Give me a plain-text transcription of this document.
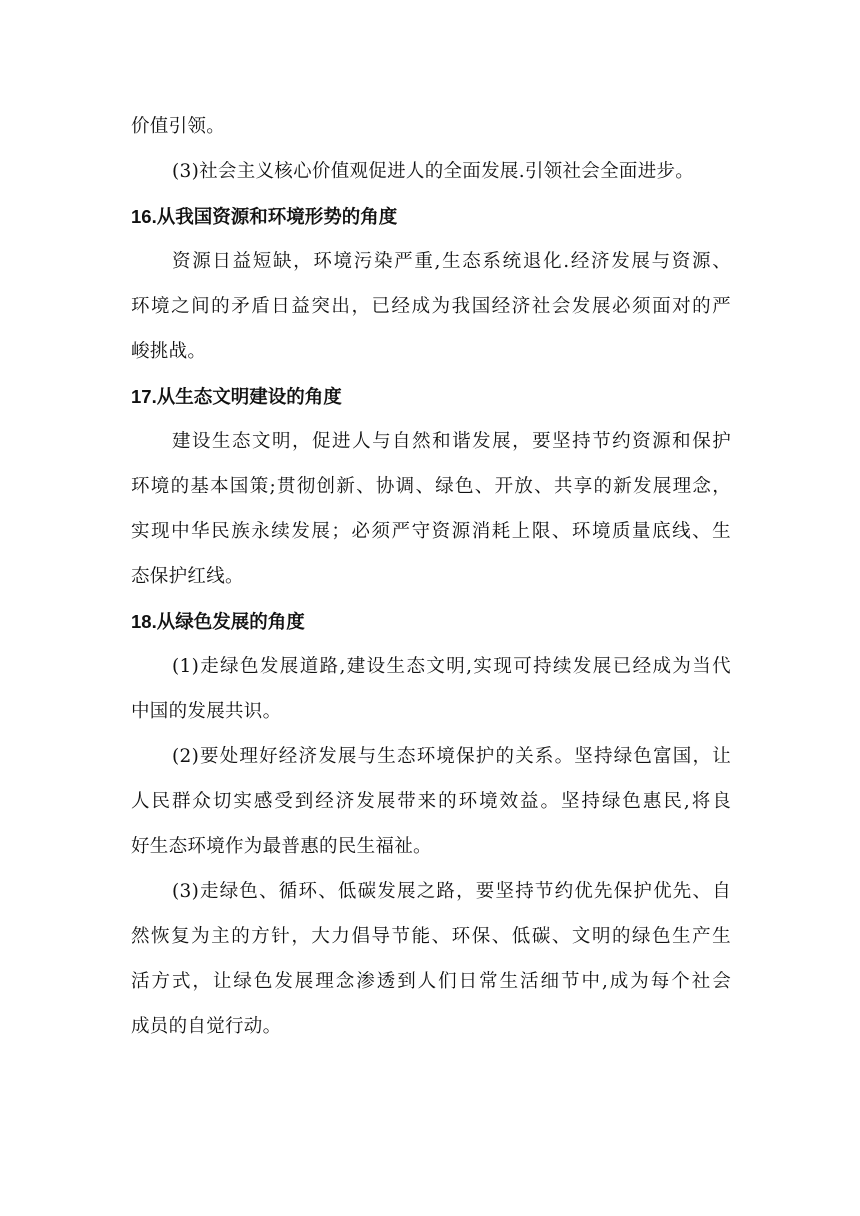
价值引领。
(3)社会主义核心价值观促进人的全面发展.引领社会全面进步。
16.从我国资源和环境形势的角度
资源日益短缺，环境污染严重,生态系统退化.经济发展与资源、
环境之间的矛盾日益突出，已经成为我国经济社会发展必须面对的严
峻挑战。
17.从生态文明建设的角度
建设生态文明，促进人与自然和谐发展，要坚持节约资源和保护
环境的基本国策;贯彻创新、协调、绿色、开放、共享的新发展理念，
实现中华民族永续发展；必须严守资源消耗上限、环境质量底线、生
态保护红线。
18.从绿色发展的角度
(1)走绿色发展道路,建设生态文明,实现可持续发展已经成为当代
中国的发展共识。
(2)要处理好经济发展与生态环境保护的关系。坚持绿色富国，让
人民群众切实感受到经济发展带来的环境效益。坚持绿色惠民,将良
好生态环境作为最普惠的民生福祉。
(3)走绿色、循环、低碳发展之路，要坚持节约优先保护优先、自
然恢复为主的方针，大力倡导节能、环保、低碳、文明的绿色生产生
活方式，让绿色发展理念渗透到人们日常生活细节中,成为每个社会
成员的自觉行动。
